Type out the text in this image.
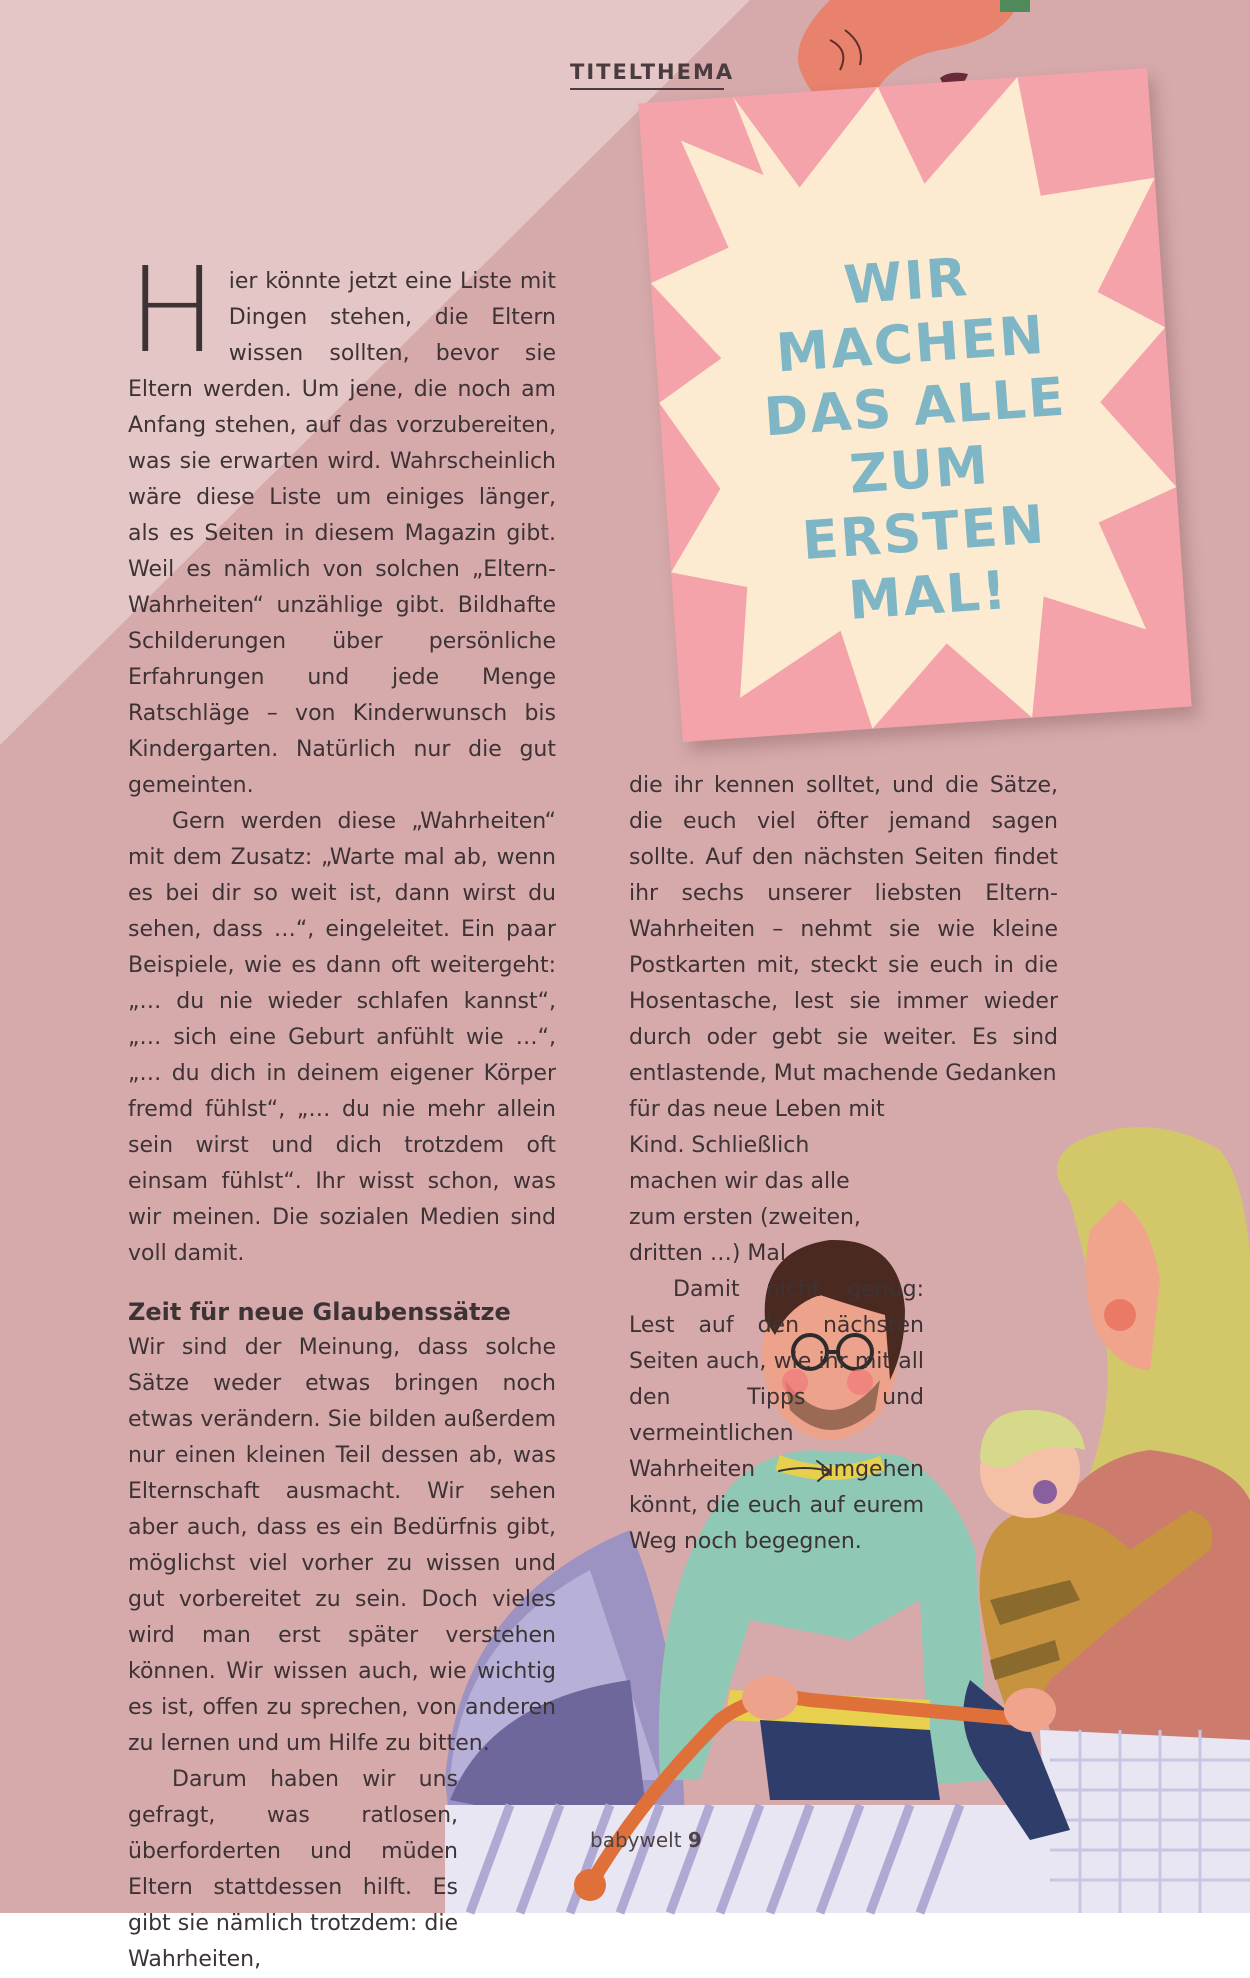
TITELTHEMA
WIR
MACHEN
DAS ALLE
ZUM
ERSTEN
MAL!

Hier könnte jetzt eine Liste mit Dingen stehen, die Eltern wissen sollten, bevor sie Eltern werden. Um jene, die noch am Anfang stehen, auf das vorzubereiten, was sie erwarten wird. Wahrscheinlich wäre diese Liste um einiges länger, als es Seiten in diesem Magazin gibt. Weil es nämlich von solchen „Eltern-Wahrheiten“ unzählige gibt. Bildhafte Schilderungen über persönliche Erfahrungen und jede Menge Ratschläge – von Kinderwunsch bis Kindergarten. Natürlich nur die gut gemeinten.

Gern werden diese „Wahrheiten“ mit dem Zusatz: „Warte mal ab, wenn es bei dir so weit ist, dann wirst du sehen, dass …“, eingeleitet. Ein paar Beispiele, wie es dann oft weitergeht: „… du nie wieder schlafen kannst“, „… sich eine Geburt anfühlt wie …“, „… du dich in deinem eigener Körper fremd fühlst“, „… du nie mehr allein sein wirst und dich trotzdem oft einsam fühlst“. Ihr wisst schon, was wir meinen. Die sozialen Medien sind voll damit.

Zeit für neue Glaubenssätze

Wir sind der Meinung, dass solche Sätze weder etwas bringen noch etwas verändern. Sie bilden außerdem nur einen kleinen Teil dessen ab, was Elternschaft ausmacht. Wir sehen aber auch, dass es ein Bedürfnis gibt, möglichst viel vorher zu wissen und gut vorbereitet zu sein. Doch vieles wird man erst später verstehen können. Wir wissen auch, wie wichtig es ist, offen zu sprechen, von anderen zu lernen und um Hilfe zu bitten.

Darum haben wir uns gefragt, was ratlosen, überforderten und müden Eltern stattdessen hilft. Es gibt sie nämlich trotzdem: die Wahrheiten,

die ihr kennen solltet, und die Sätze, die euch viel öfter jemand sagen sollte. Auf den nächsten Seiten findet ihr sechs unserer liebsten Eltern-Wahrheiten – nehmt sie wie kleine Postkarten mit, steckt sie euch in die Hosentasche, lest sie immer wieder durch oder gebt sie weiter. Es sind entlastende, Mut machende Gedanken

für das neue Leben mit Kind. Schließlich machen wir das alle zum ersten (zweiten, dritten …) Mal.

Damit nicht genug: Lest auf den nächsten Seiten auch, wie ihr mit all den Tipps und vermeintlichen Wahrheiten umgehen könnt, die euch auf eurem Weg noch begegnen.

babywelt 9
